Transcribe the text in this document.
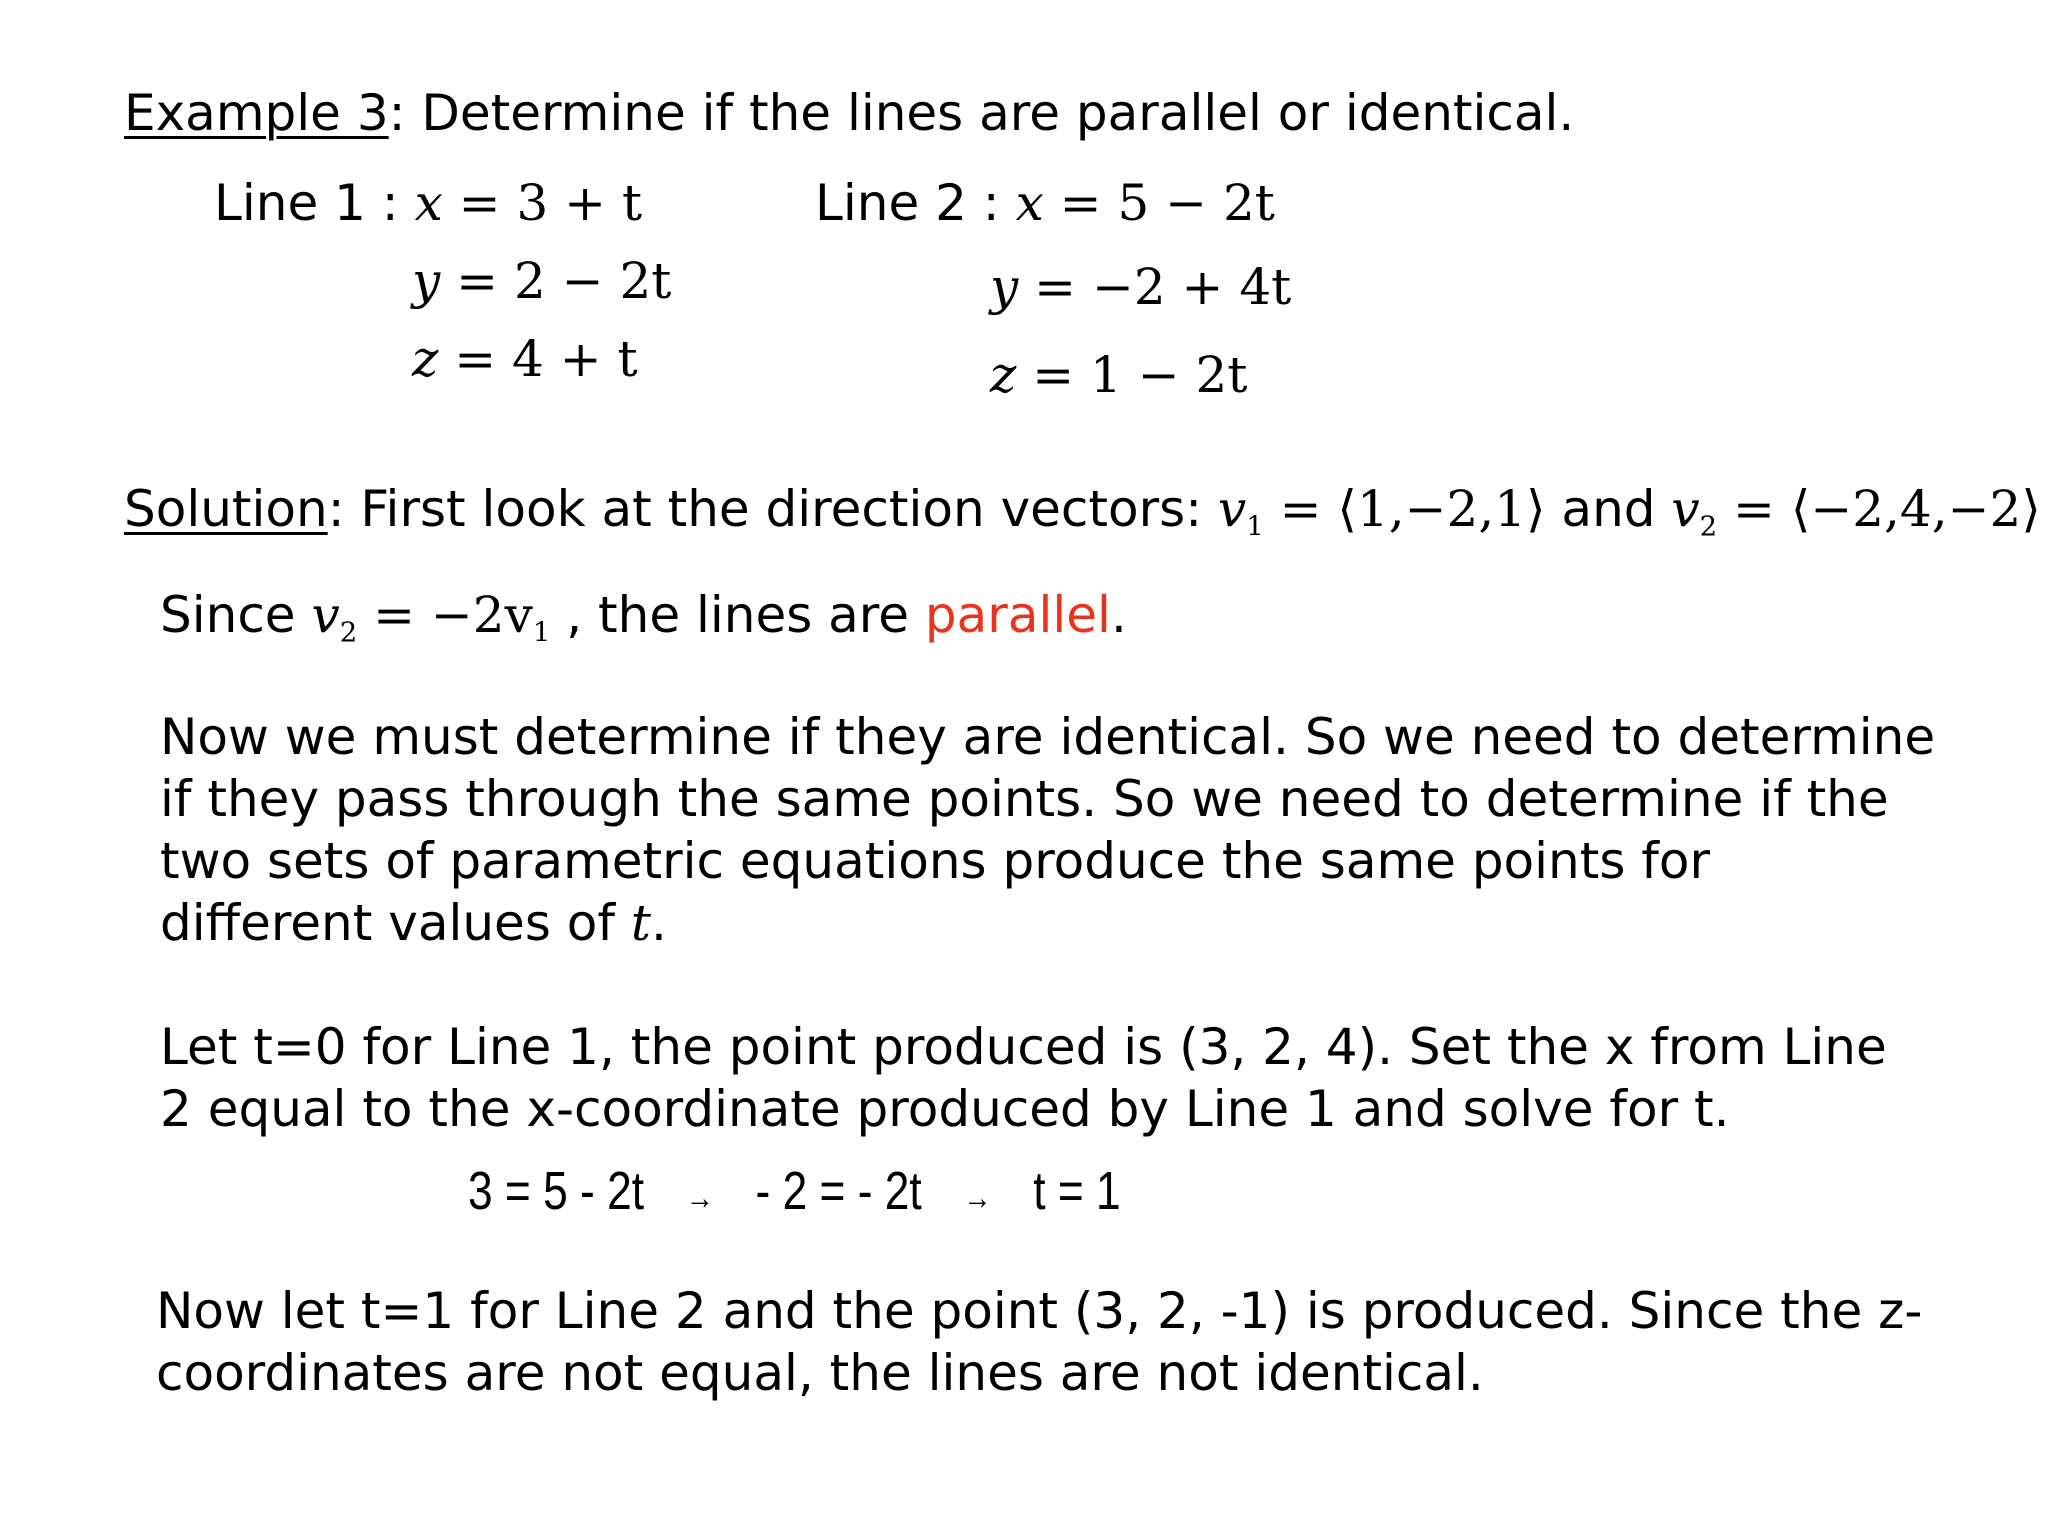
Example 3: Determine if the lines are parallel or identical.
Line 1 : x = 3 + t
y = 2 − 2t
z = 4 + t
Line 2 : x = 5 − 2t
y = −2 + 4t
z = 1 − 2t
Solution: First look at the direction vectors: $v_1$ = ⟨1,−2,1⟩ and $v_2$ = ⟨−2,4,−2⟩
Since $v_2 = -2v_1$ , the lines are parallel.

Now we must determine if they are identical. So we need to determine

if they pass through the same points. So we need to determine if the

two sets of parametric equations produce the same points for

different values of t.

Let t=0 for Line 1, the point produced is (3, 2, 4). Set the x from Line

2 equal to the x-coordinate produced by Line 1 and solve for t.

3 = 5 - 2t → - 2 = - 2t → t = 1

Now let t=1 for Line 2 and the point (3, 2, -1) is produced. Since the z-

coordinates are not equal, the lines are not identical.
